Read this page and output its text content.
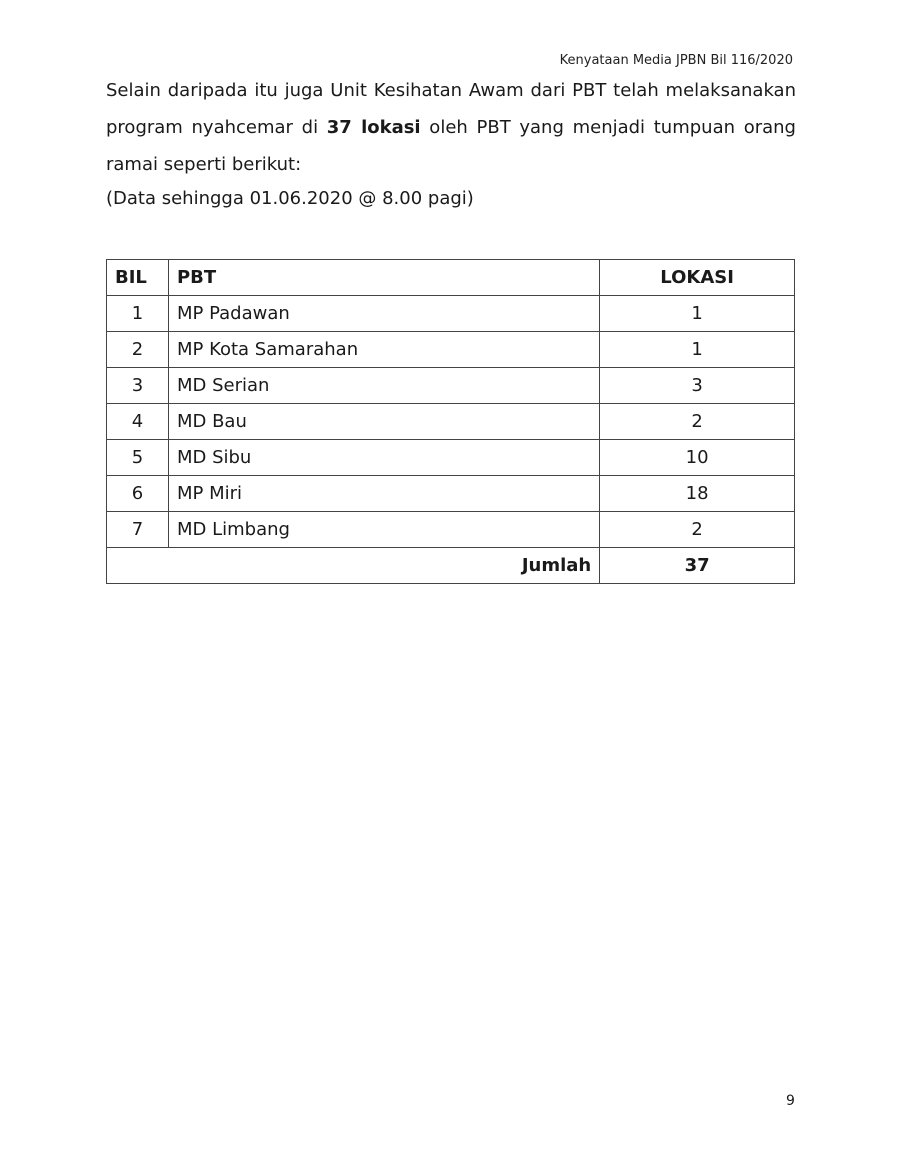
Kenyataan Media JPBN Bil 116/2020

Selain daripada itu juga Unit Kesihatan Awam dari PBT telah melaksanakan

program nyahcemar di 37 lokasi oleh PBT yang menjadi tumpuan orang

ramai seperti berikut:

(Data sehingga 01.06.2020 @ 8.00 pagi)
BIL	PBT	LOKASI
1	MP Padawan	1
2	MP Kota Samarahan	1
3	MD Serian	3
4	MD Bau	2
5	MD Sibu	10
6	MP Miri	18
7	MD Limbang	2
Jumlah		37
9
